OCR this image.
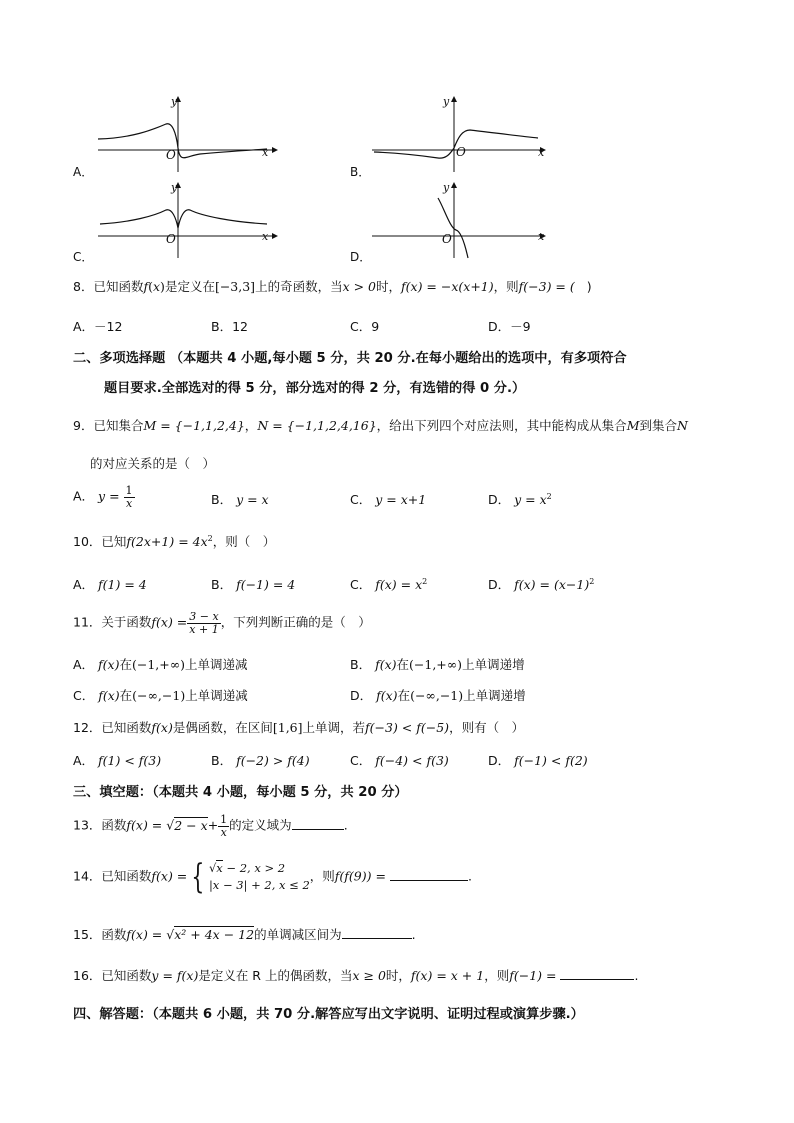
y
O	x
A．
y
O	x
B．
y
O	x
C．
y
O	x
D．
8．已知函数f(x)是定义在[−3,3]上的奇函数，当x > 0时，f(x) = −x(x+1)，则f(−3) = ( )
A．－12	B．12	C．9	D．－9
二、多项选择题 （本题共 4 小题,每小题 5 分，共 20 分.在每小题给出的选项中，有多项符合
题目要求.全部选对的得 5 分，部分选对的得 2 分，有选错的得 0 分.）
9．已知集合M = {−1,1,2,4}，N = {−1,1,2,4,16}，给出下列四个对应法则，其中能构成从集合M到集合N
的对应关系的是（　）
A． $y = \frac{1}{x}$	B． y = x	C． y = x+1	D． $y = x^2$
10．已知$f(2x+1) = 4x^2$，则（　）
A． f(1) = 4	B． f(−1) = 4	C． $f(x) = x^2$	D． $f(x) = (x-1)^2$
11．关于函数$f(x) = \frac{3 - x}{x + 1}$ ，下列判断正确的是（　）
A． f(x)在(−1,+∞)上单调递减	B． f(x)在(−1,+∞)上单调递增
C． f(x)在(−∞,−1)上单调递减	D． f(x)在(−∞,−1)上单调递增
12．已知函数f(x)是偶函数，在区间[1,6]上单调，若f(−3) < f(−5)，则有（　）
A． f(1) < f(3)	B． f(−2) > f(4)	C． f(−4) < f(3)	D． f(−1) < f(2)
三、填空题：（本题共 4 小题，每小题 5 分，共 20 分）
13．函数$f(x) = √2 - x+ \frac{1}{x}$ 的定义域为	.
14．已知函数f(x) = { √x − 2, x > 2
|x − 3| + 2, x ≤ 2
，则f(f(9)) =	.
15．函数f(x) = √x² + 4x − 12的单调减区间为	.
16．已知函数y = f(x)是定义在 R 上的偶函数，当x ≥ 0时，f(x) = x + 1，则f(−1) =	.
四、解答题：（本题共 6 小题，共 70 分.解答应写出文字说明、证明过程或演算步骤.）
